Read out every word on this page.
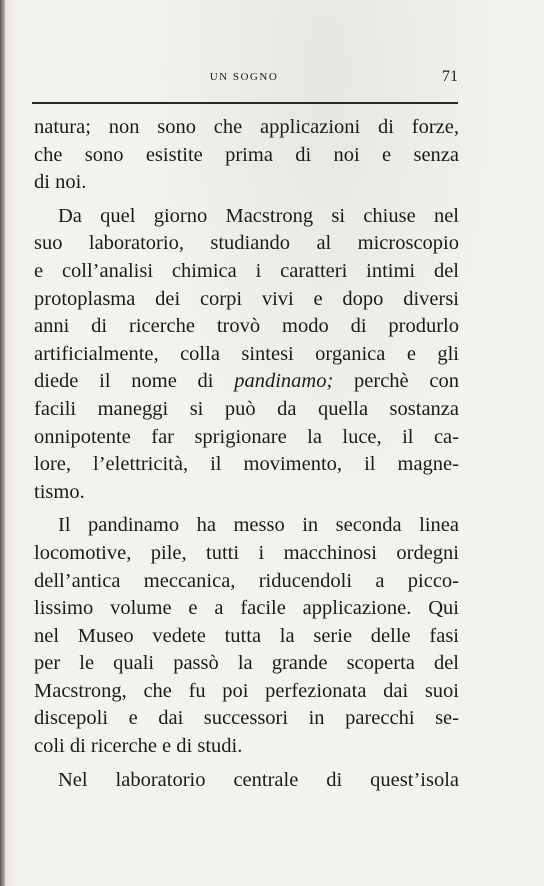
UN SOGNO	71
natura; non sono che applicazioni di forze,
che sono esistite prima di noi e senza
di noi.
Da quel giorno Macstrong si chiuse nel
suo laboratorio, studiando al microscopio
e coll’analisi chimica i caratteri intimi del
protoplasma dei corpi vivi e dopo diversi
anni di ricerche trovò modo di produrlo
artificialmente, colla sintesi organica e gli
diede il nome di pandinamo; perchè con
facili maneggi si può da quella sostanza
onnipotente far sprigionare la luce, il ca-
lore, l’elettricità, il movimento, il magne-
tismo.
Il pandinamo ha messo in seconda linea
locomotive, pile, tutti i macchinosi ordegni
dell’antica meccanica, riducendoli a picco-
lissimo volume e a facile applicazione. Qui
nel Museo vedete tutta la serie delle fasi
per le quali passò la grande scoperta del
Macstrong, che fu poi perfezionata dai suoi
discepoli e dai successori in parecchi se-
coli di ricerche e di studi.
Nel laboratorio centrale di quest’isola
